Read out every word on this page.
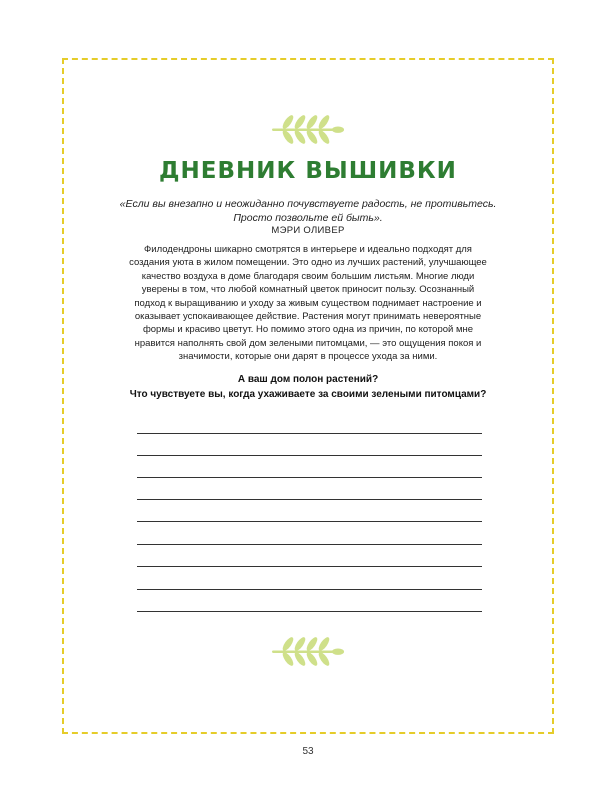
ДНЕВНИК ВЫШИВКИ
«Если вы внезапно и неожиданно почувствуете радость, не противьтесь. Просто позвольте ей быть».
МЭРИ ОЛИВЕР
Филодендроны шикарно смотрятся в интерьере и идеально подходят для создания уюта в жилом помещении. Это одно из лучших растений, улучшающее качество воздуха в доме благодаря своим большим листьям. Многие люди уверены в том, что любой комнатный цветок приносит пользу. Осознанный подход к выращиванию и уходу за живым существом поднимает настроение и оказывает успокаивающее действие. Растения могут принимать невероятные формы и красиво цветут. Но помимо этого одна из причин, по которой мне нравится наполнять свой дом зелеными питомцами, — это ощущения покоя и значимости, которые они дарят в процессе ухода за ними.
А ваш дом полон растений?
Что чувствуете вы, когда ухаживаете за своими зелеными питомцами?
53
